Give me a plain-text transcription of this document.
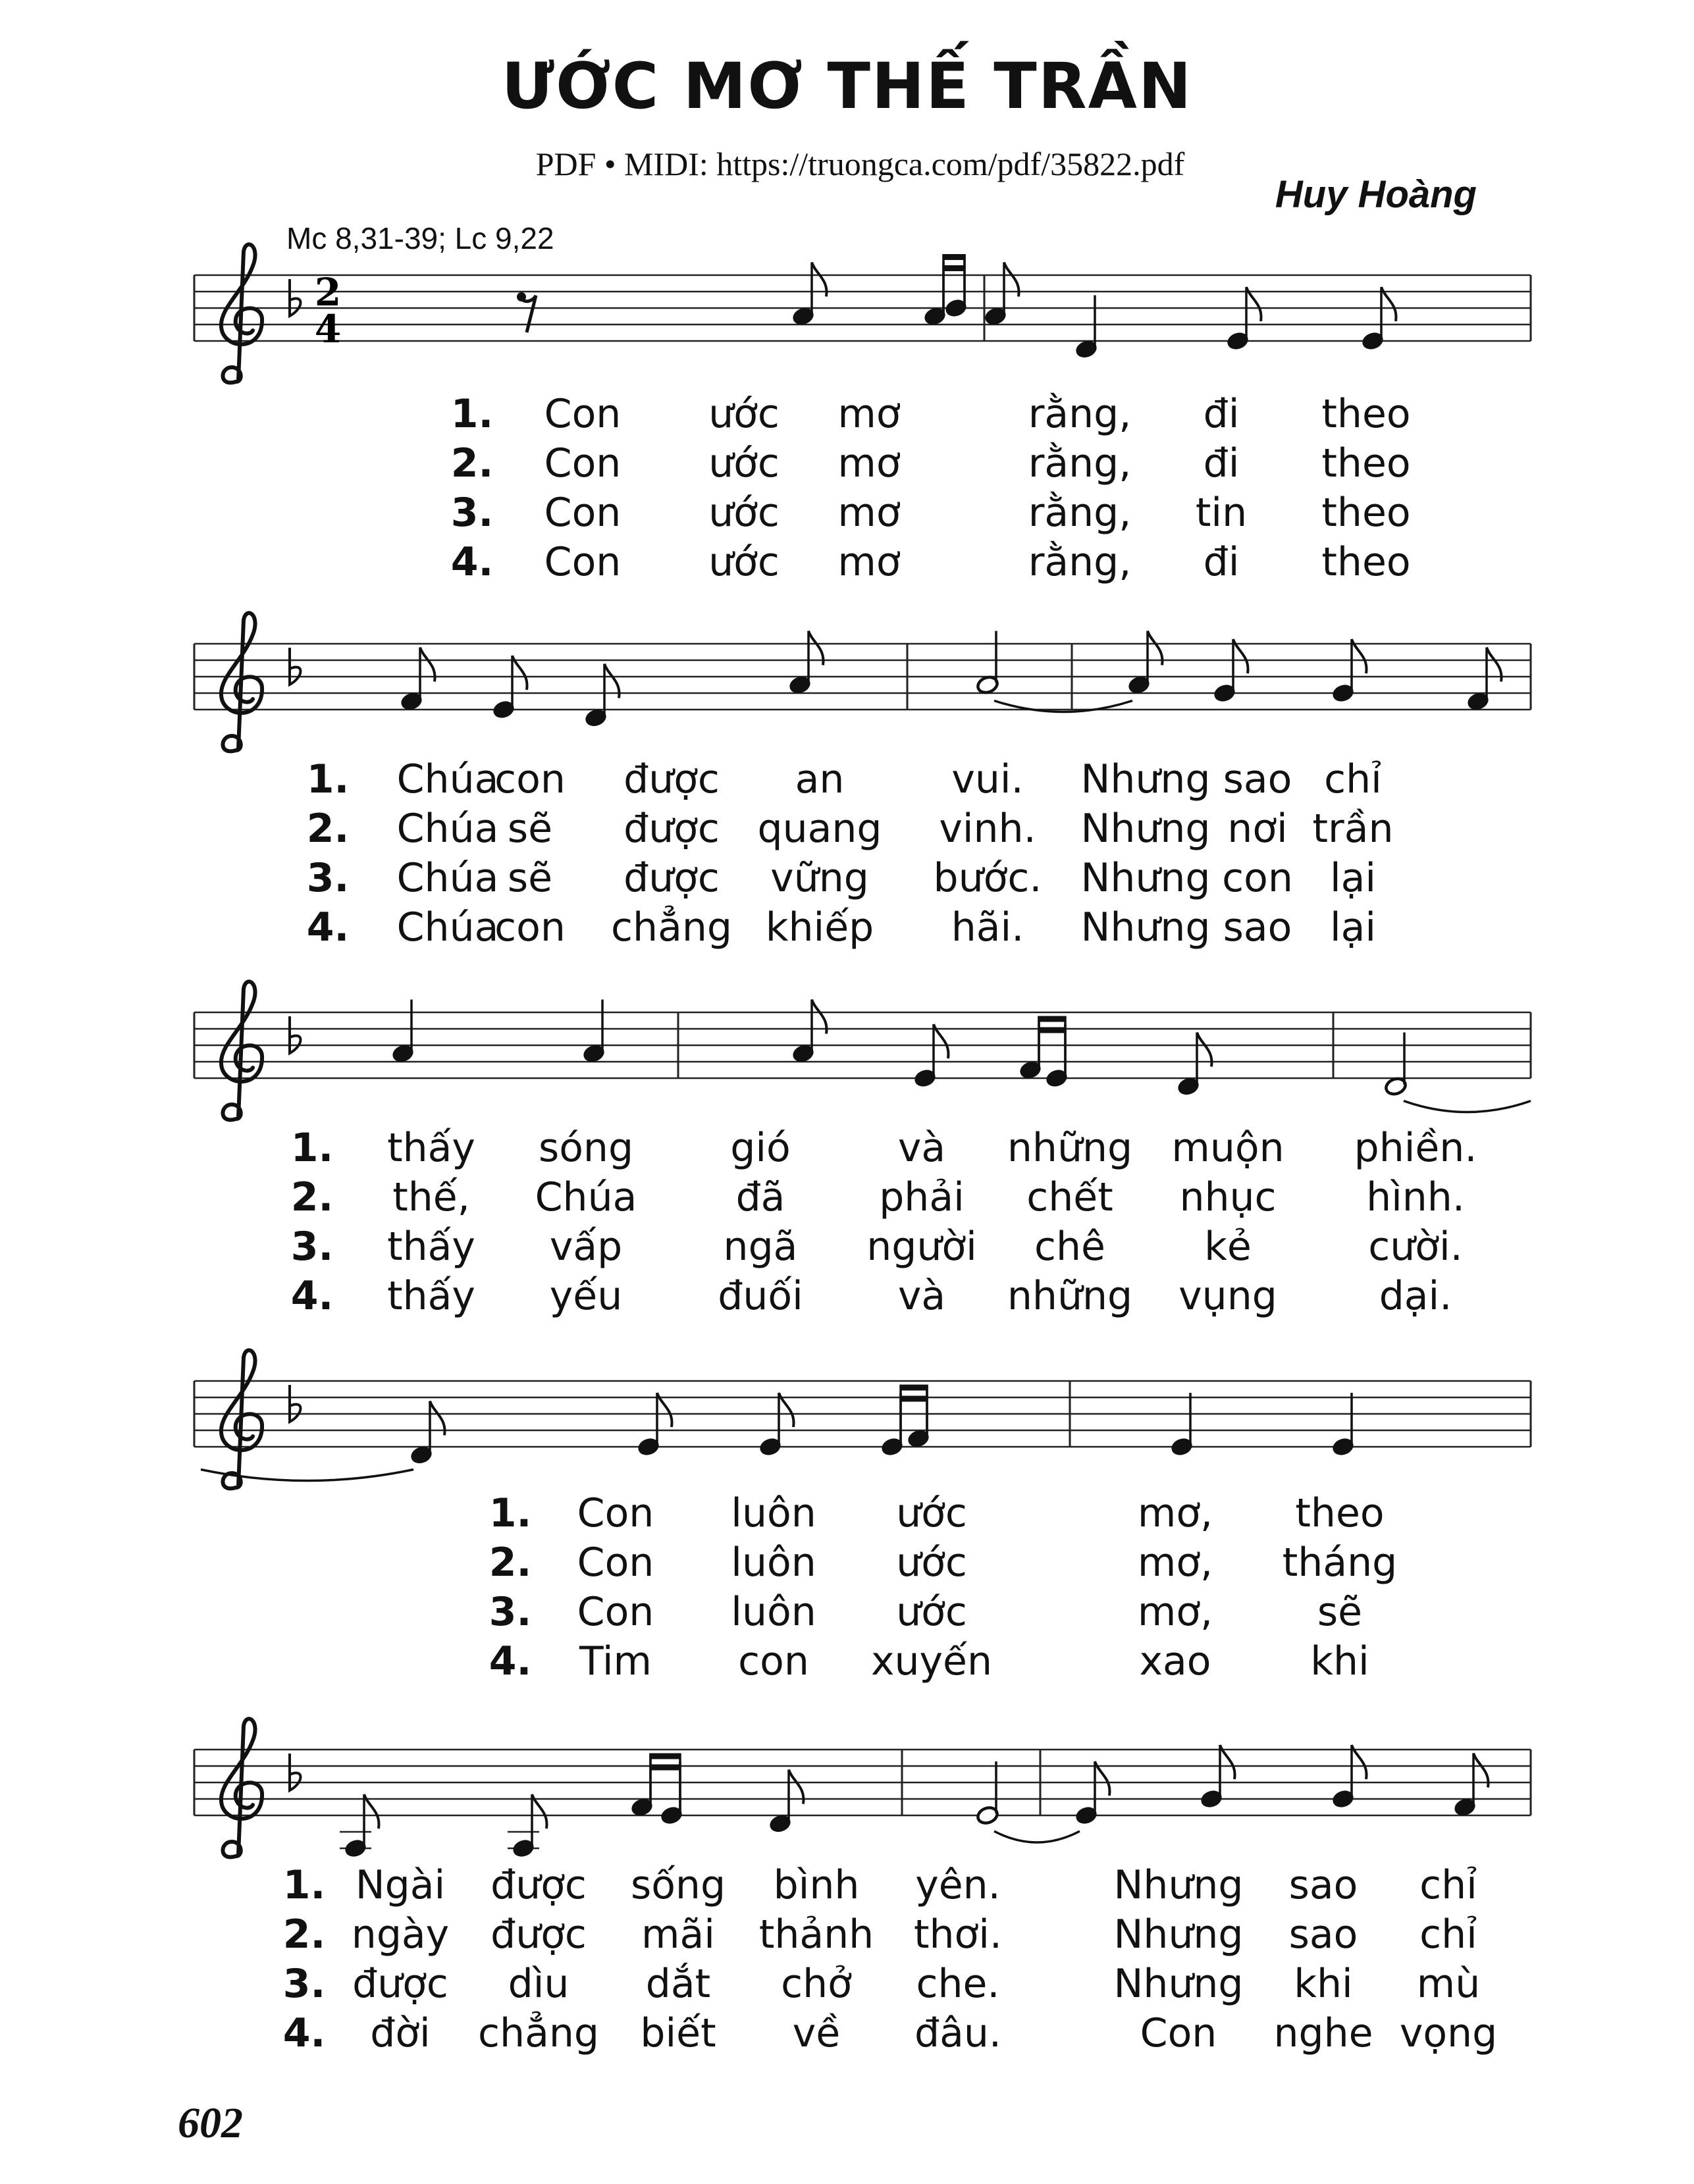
ƯỚC MƠ THẾ TRẦN
PDF • MIDI: https://truongca.com/pdf/35822.pdf
Huy Hoàng
Mc 8,31-39; Lc 9,22
2
4
1. Con ước mơ	rằng, đi theo
2. Con ước mơ	rằng, đi theo
3. Con ước mơ	rằng, tin theo
4. Con ước mơ	rằng, đi theo
1. Chúa
con được an	vui. Nhưng sao chỉ
2. Chúa sẽ được quang vinh. Nhưng nơi trần
3. Chúa sẽ được vững bước. Nhưng con lại
4. Chúa
con chẳng khiếp hãi. Nhưng sao lại
1. thấy sóng gió	và những muộn phiền.
2. thế, Chúa	đã phải chết nhục hình.
3. thấy vấp	ngã người chê	kẻ	cười.
4. thấy yếu đuối và những vụng	dại.
1. Con luôn ước	mơ, theo
2. Con luôn ước	mơ, tháng
3. Con luôn ước	mơ,	sẽ
4. Tim con xuyến	xao	khi
1. Ngài được sống bình yên.	Nhưng sao chỉ
2. ngày được mãi thảnh thơi.	Nhưng sao chỉ
3. được dìu dắt chở che.	Nhưng khi mù
4. đời chẳng biết về đâu.	Con nghe vọng
602
